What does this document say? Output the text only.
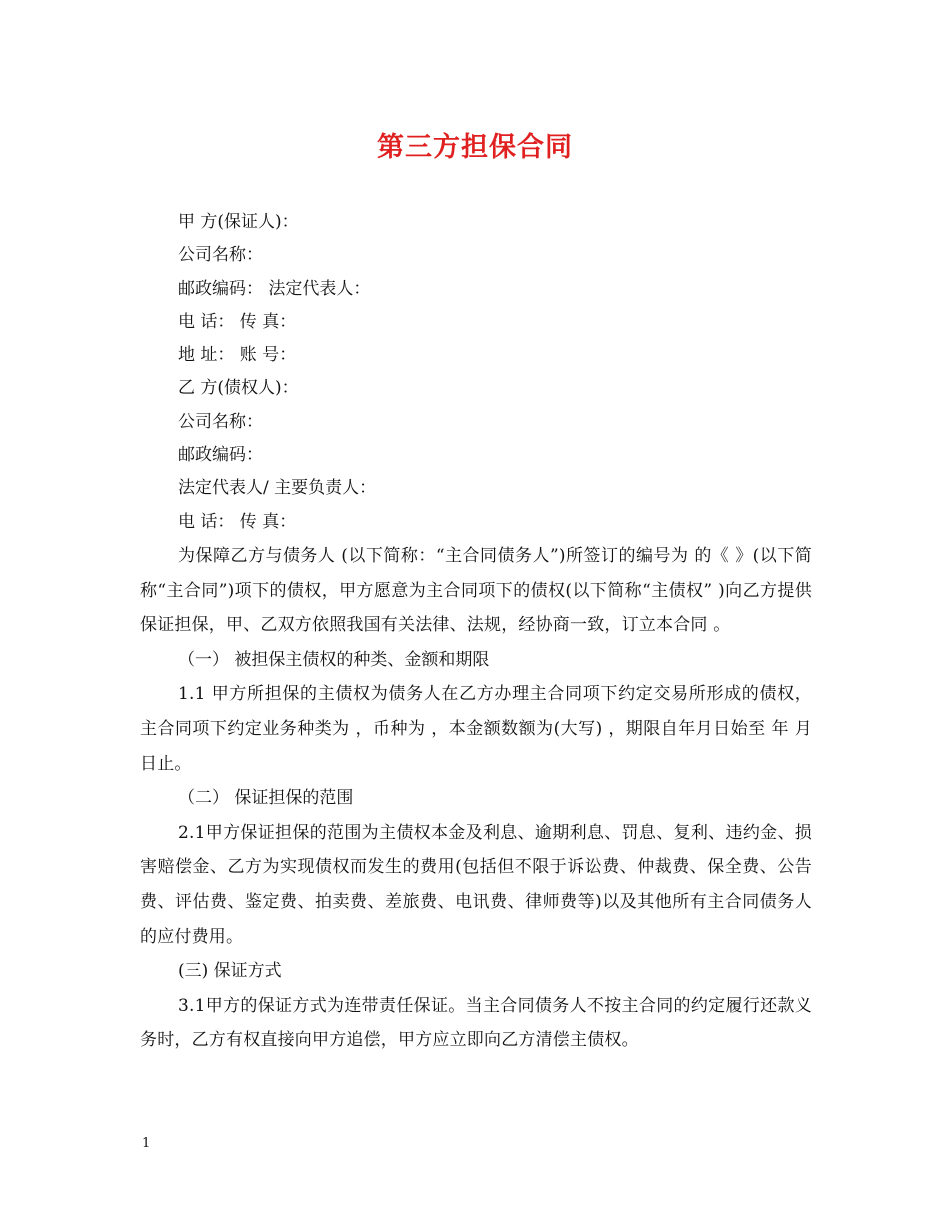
第三方担保合同
甲 方(保证人)：
公司名称：
邮政编码： 法定代表人：
电 话： 传 真：
地 址： 账 号：
乙 方(债权人)：
公司名称：
邮政编码：
法定代表人/ 主要负责人：
电 话： 传 真：

为保障乙方与债务人 (以下简称：“主合同债务人”)所签订的编号为 的《 》(以下简称“主合同”)项下的债权，甲方愿意为主合同项下的债权(以下简称“主债权” )向乙方提供保证担保，甲、乙双方依照我国有关法律、法规，经协商一致，订立本合同 。

（一） 被担保主债权的种类、金额和期限

1.1 甲方所担保的主债权为债务人在乙方办理主合同项下约定交易所形成的债权，主合同项下约定业务种类为 ，币种为 ，本金额数额为(大写) ，期限自年月日始至 年 月 日止。

（二） 保证担保的范围

2.1甲方保证担保的范围为主债权本金及利息、逾期利息、罚息、复利、违约金、损害赔偿金、乙方为实现债权而发生的费用(包括但不限于诉讼费、仲裁费、保全费、公告费、评估费、鉴定费、拍卖费、差旅费、电讯费、律师费等)以及其他所有主合同债务人的应付费用。

(三) 保证方式

3.1甲方的保证方式为连带责任保证。当主合同债务人不按主合同的约定履行还款义务时，乙方有权直接向甲方追偿，甲方应立即向乙方清偿主债权。

1
